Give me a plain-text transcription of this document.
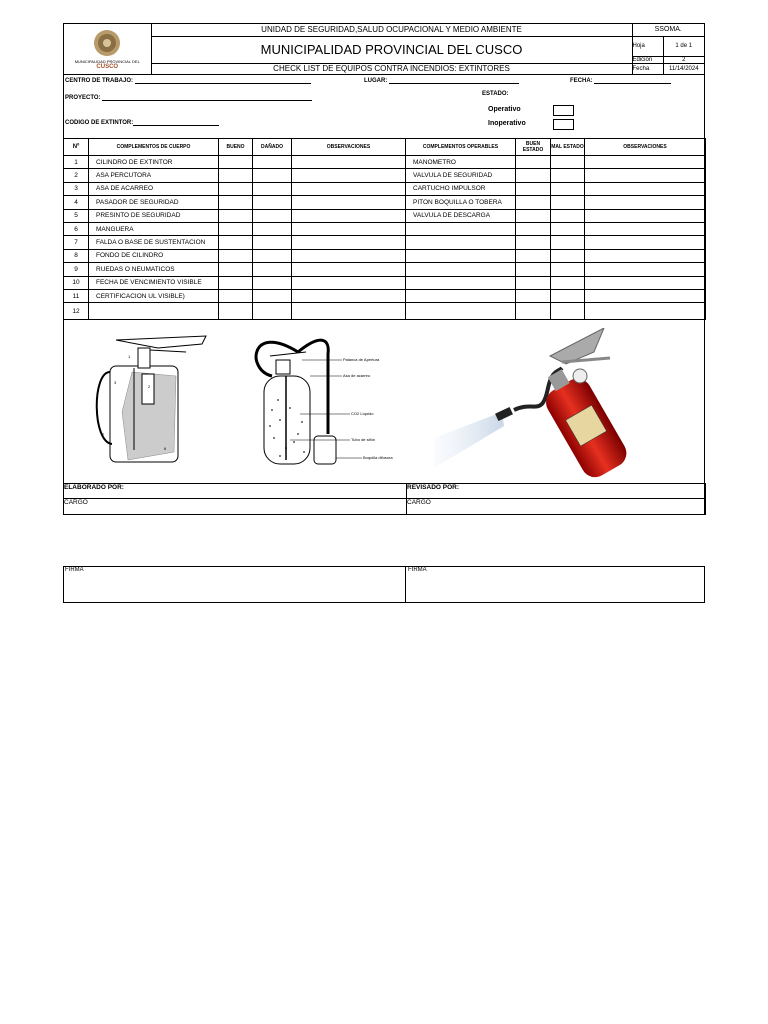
MUNICIPALIDAD PROVINCIAL DEL
CUSCO	UNIDAD DE SEGURIDAD,SALUD OCUPACIONAL Y MEDIO AMBIENTE	SSOMA.	
	MUNICIPALIDAD PROVINCIAL DEL CUSCO	Hoja	1 de 1
		Edición	2
	CHECK LIST DE EQUIPOS CONTRA INCENDIOS: EXTINTORES	Fecha	11/14/2024
CENTRO DE TRABAJO:	LUGAR:	FECHA:
PROYECTO:
ESTADO:
Operativo
Inoperativo
CODIGO DE EXTINTOR:
Nº	COMPLEMENTOS DE CUERPO	BUENO	DAÑADO	OBSERVACIONES	COMPLEMENTOS OPERABLES	BUEN ESTADO	MAL ESTADO	OBSERVACIONES
1	CILINDRO DE EXTINTOR				MANOMETRO			
2	ASA PERCUTORA				VALVULA DE SEGURIDAD			
3	ASA DE ACARREO				CARTUCHO IMPULSOR			
4	PASADOR DE SEGURIDAD				PITON BOQUILLA O TOBERA			
5	PRESINTO DE SEGURIDAD				VALVULA DE DESCARGA			
6	MANGUERA							
7	FALDA O BASE DE SUSTENTACION							
8	FONDO DE CILINDRO							
9	RUEDAS O NEUMATICOS							
10	FECHA DE VENCIMIENTO VISIBLE							
11	CERTIFICACION UL VISIBLE)							
12								
1
2
3
7
6
Palanca de Apertura
Asa de acarreo
CO2 Líquido
Tubo de sifón
Boquilla difusora
ELABORADO POR:	REVISADO POR:
CARGO	CARGO
FIRMA	FIRMA
